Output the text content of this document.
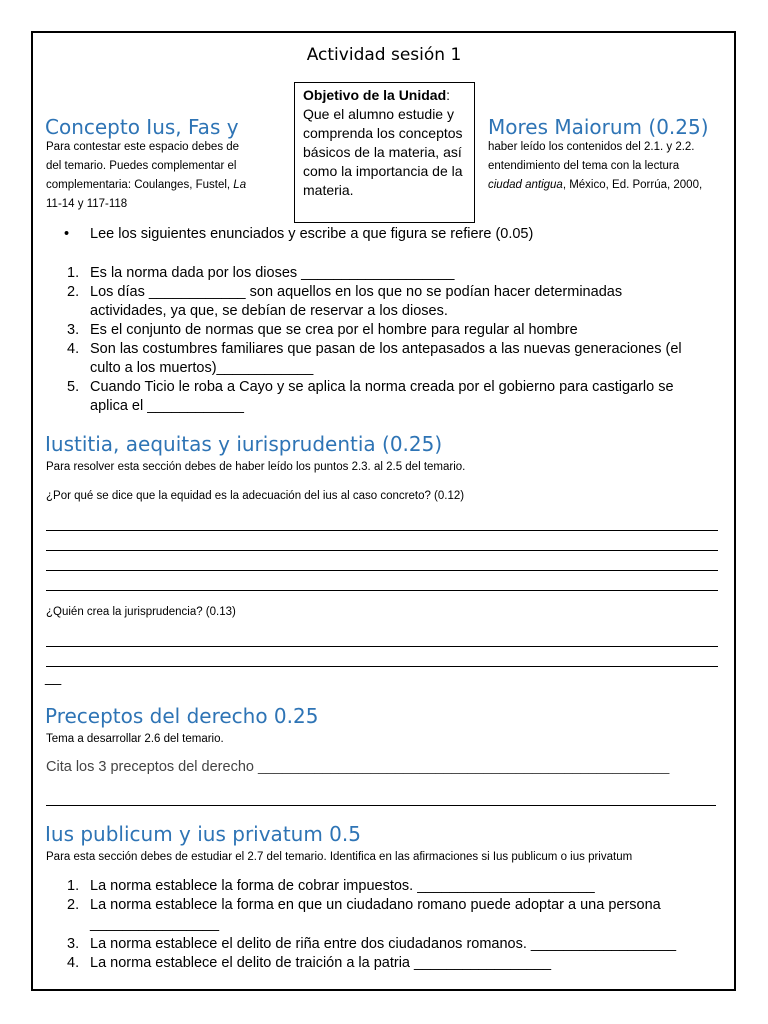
Actividad sesión 1
Concepto Ius, Fas y	Mores Maiorum (0.25)
Para contestar este espacio debes de
del temario. Puedes complementar el
complementaria: Coulanges, Fustel, La
11-14 y 117-118
haber leído los contenidos del 2.1. y 2.2.
entendimiento del tema con la lectura
ciudad antigua, México, Ed. Porrúa, 2000,
Objetivo de la Unidad: Que el alumno estudie y comprenda los conceptos básicos de la materia, así como la importancia de la materia.
• Lee los siguientes enunciados y escribe a que figura se refiere (0.05)
1. Es la norma dada por los dioses ___________________
2. Los días ____________ son aquellos en los que no se podían hacer determinadas
actividades, ya que, se debían de reservar a los dioses.
3. Es el conjunto de normas que se crea por el hombre para regular al hombre
4. Son las costumbres familiares que pasan de los antepasados a las nuevas generaciones (el
culto a los muertos)____________
5. Cuando Ticio le roba a Cayo y se aplica la norma creada por el gobierno para castigarlo se
aplica el ____________
Iustitia, aequitas y iurisprudentia (0.25)
Para resolver esta sección debes de haber leído los puntos 2.3. al 2.5 del temario.
¿Por qué se dice que la equidad es la adecuación del ius al caso concreto? (0.12)
¿Quién crea la jurisprudencia? (0.13)
__
Preceptos del derecho 0.25
Tema a desarrollar 2.6 del temario.
Cita los 3 preceptos del derecho ___________________________________________________
Ius publicum y ius privatum 0.5
Para esta sección debes de estudiar el 2.7 del temario. Identifica en las afirmaciones si Ius publicum o ius privatum
1. La norma establece la forma de cobrar impuestos. ______________________
2. La norma establece la forma en que un ciudadano romano puede adoptar a una persona
________________
3. La norma establece el delito de riña entre dos ciudadanos romanos. __________________
4. La norma establece el delito de traición a la patria _________________
